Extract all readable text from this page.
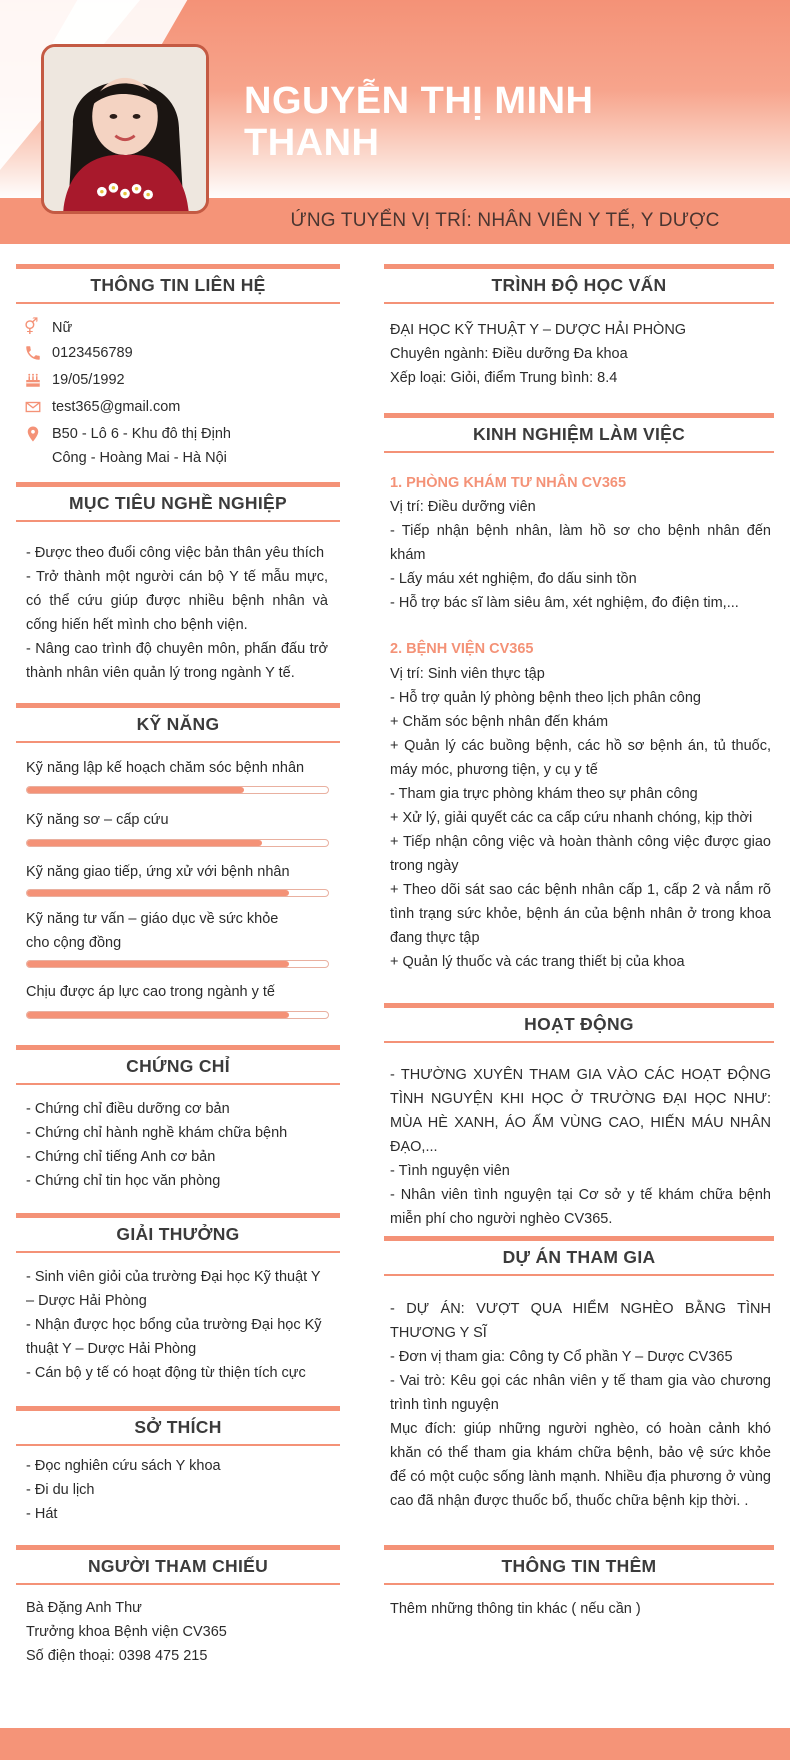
ỨNG TUYỂN VỊ TRÍ: NHÂN VIÊN Y TẾ, Y DƯỢC
NGUYỄN THỊ MINH
THANH
THÔNG TIN LIÊN HỆ
⚥ Nữ
0123456789
19/05/1992
test365@gmail.com
B50 - Lô 6 - Khu đô thị Định
Công - Hoàng Mai - Hà Nội
MỤC TIÊU NGHỀ NGHIỆP

- Được theo đuổi công việc bản thân yêu thích

- Trở thành một người cán bộ Y tế mẫu mực, có thể cứu giúp được nhiều bệnh nhân và cống hiến hết mình cho bệnh viện.

- Nâng cao trình độ chuyên môn, phấn đấu trở thành nhân viên quản lý trong ngành Y tế.

KỸ NĂNG
Kỹ năng lập kế hoạch chăm sóc bệnh nhân
Kỹ năng sơ – cấp cứu
Kỹ năng giao tiếp, ứng xử với bệnh nhân
Kỹ năng tư vấn – giáo dục về sức khỏe cho cộng đồng
Chịu được áp lực cao trong ngành y tế
CHỨNG CHỈ

- Chứng chỉ điều dưỡng cơ bản

- Chứng chỉ hành nghề khám chữa bệnh

- Chứng chỉ tiếng Anh cơ bản

- Chứng chỉ tin học văn phòng

GIẢI THƯỞNG

- Sinh viên giỏi của trường Đại học Kỹ thuật Y – Dược Hải Phòng

- Nhận được học bổng của trường Đại học Kỹ thuật Y – Dược Hải Phòng

- Cán bộ y tế có hoạt động từ thiện tích cực

SỞ THÍCH

- Đọc nghiên cứu sách Y khoa

- Đi du lịch

- Hát

NGƯỜI THAM CHIẾU

Bà Đặng Anh Thư

Trưởng khoa Bệnh viện CV365

Số điện thoại: 0398 475 215

TRÌNH ĐỘ HỌC VẤN

ĐẠI HỌC KỸ THUẬT Y – DƯỢC HẢI PHÒNG

Chuyên ngành: Điều dưỡng Đa khoa

Xếp loại: Giỏi, điểm Trung bình: 8.4

KINH NGHIỆM LÀM VIỆC
1. PHÒNG KHÁM TƯ NHÂN CV365

Vị trí: Điều dưỡng viên

- Tiếp nhận bệnh nhân, làm hồ sơ cho bệnh nhân đến khám

- Lấy máu xét nghiệm, đo dấu sinh tồn

- Hỗ trợ bác sĩ làm siêu âm, xét nghiệm, đo điện tim,...

2. BỆNH VIỆN CV365

Vị trí: Sinh viên thực tập

- Hỗ trợ quản lý phòng bệnh theo lịch phân công

+ Chăm sóc bệnh nhân đến khám

+ Quản lý các buồng bệnh, các hồ sơ bệnh án, tủ thuốc, máy móc, phương tiện, y cụ y tế

- Tham gia trực phòng khám theo sự phân công

+ Xử lý, giải quyết các ca cấp cứu nhanh chóng, kịp thời

+ Tiếp nhận công việc và hoàn thành công việc được giao trong ngày

+ Theo dõi sát sao các bệnh nhân cấp 1, cấp 2 và nắm rõ tình trạng sức khỏe, bệnh án của bệnh nhân ở trong khoa đang thực tập

+ Quản lý thuốc và các trang thiết bị của khoa

HOẠT ĐỘNG

- THƯỜNG XUYÊN THAM GIA VÀO CÁC HOẠT ĐỘNG TÌNH NGUYỆN KHI HỌC Ở TRƯỜNG ĐẠI HỌC NHƯ: MÙA HÈ XANH, ÁO ẤM VÙNG CAO, HIẾN MÁU NHÂN ĐẠO,...

- Tình nguyện viên

- Nhân viên tình nguyện tại Cơ sở y tế khám chữa bệnh miễn phí cho người nghèo CV365.

DỰ ÁN THAM GIA

- DỰ ÁN: VƯỢT QUA HIỂM NGHÈO BẰNG TÌNH THƯƠNG Y SĨ

- Đơn vị tham gia: Công ty Cổ phần Y – Dược CV365

- Vai trò: Kêu gọi các nhân viên y tế tham gia vào chương trình tình nguyện

Mục đích: giúp những người nghèo, có hoàn cảnh khó khăn có thể tham gia khám chữa bệnh, bảo vệ sức khỏe để có một cuộc sống lành mạnh. Nhiều địa phương ở vùng cao đã nhận được thuốc bổ, thuốc chữa bệnh kịp thời. .

THÔNG TIN THÊM
Thêm những thông tin khác ( nếu cần )
